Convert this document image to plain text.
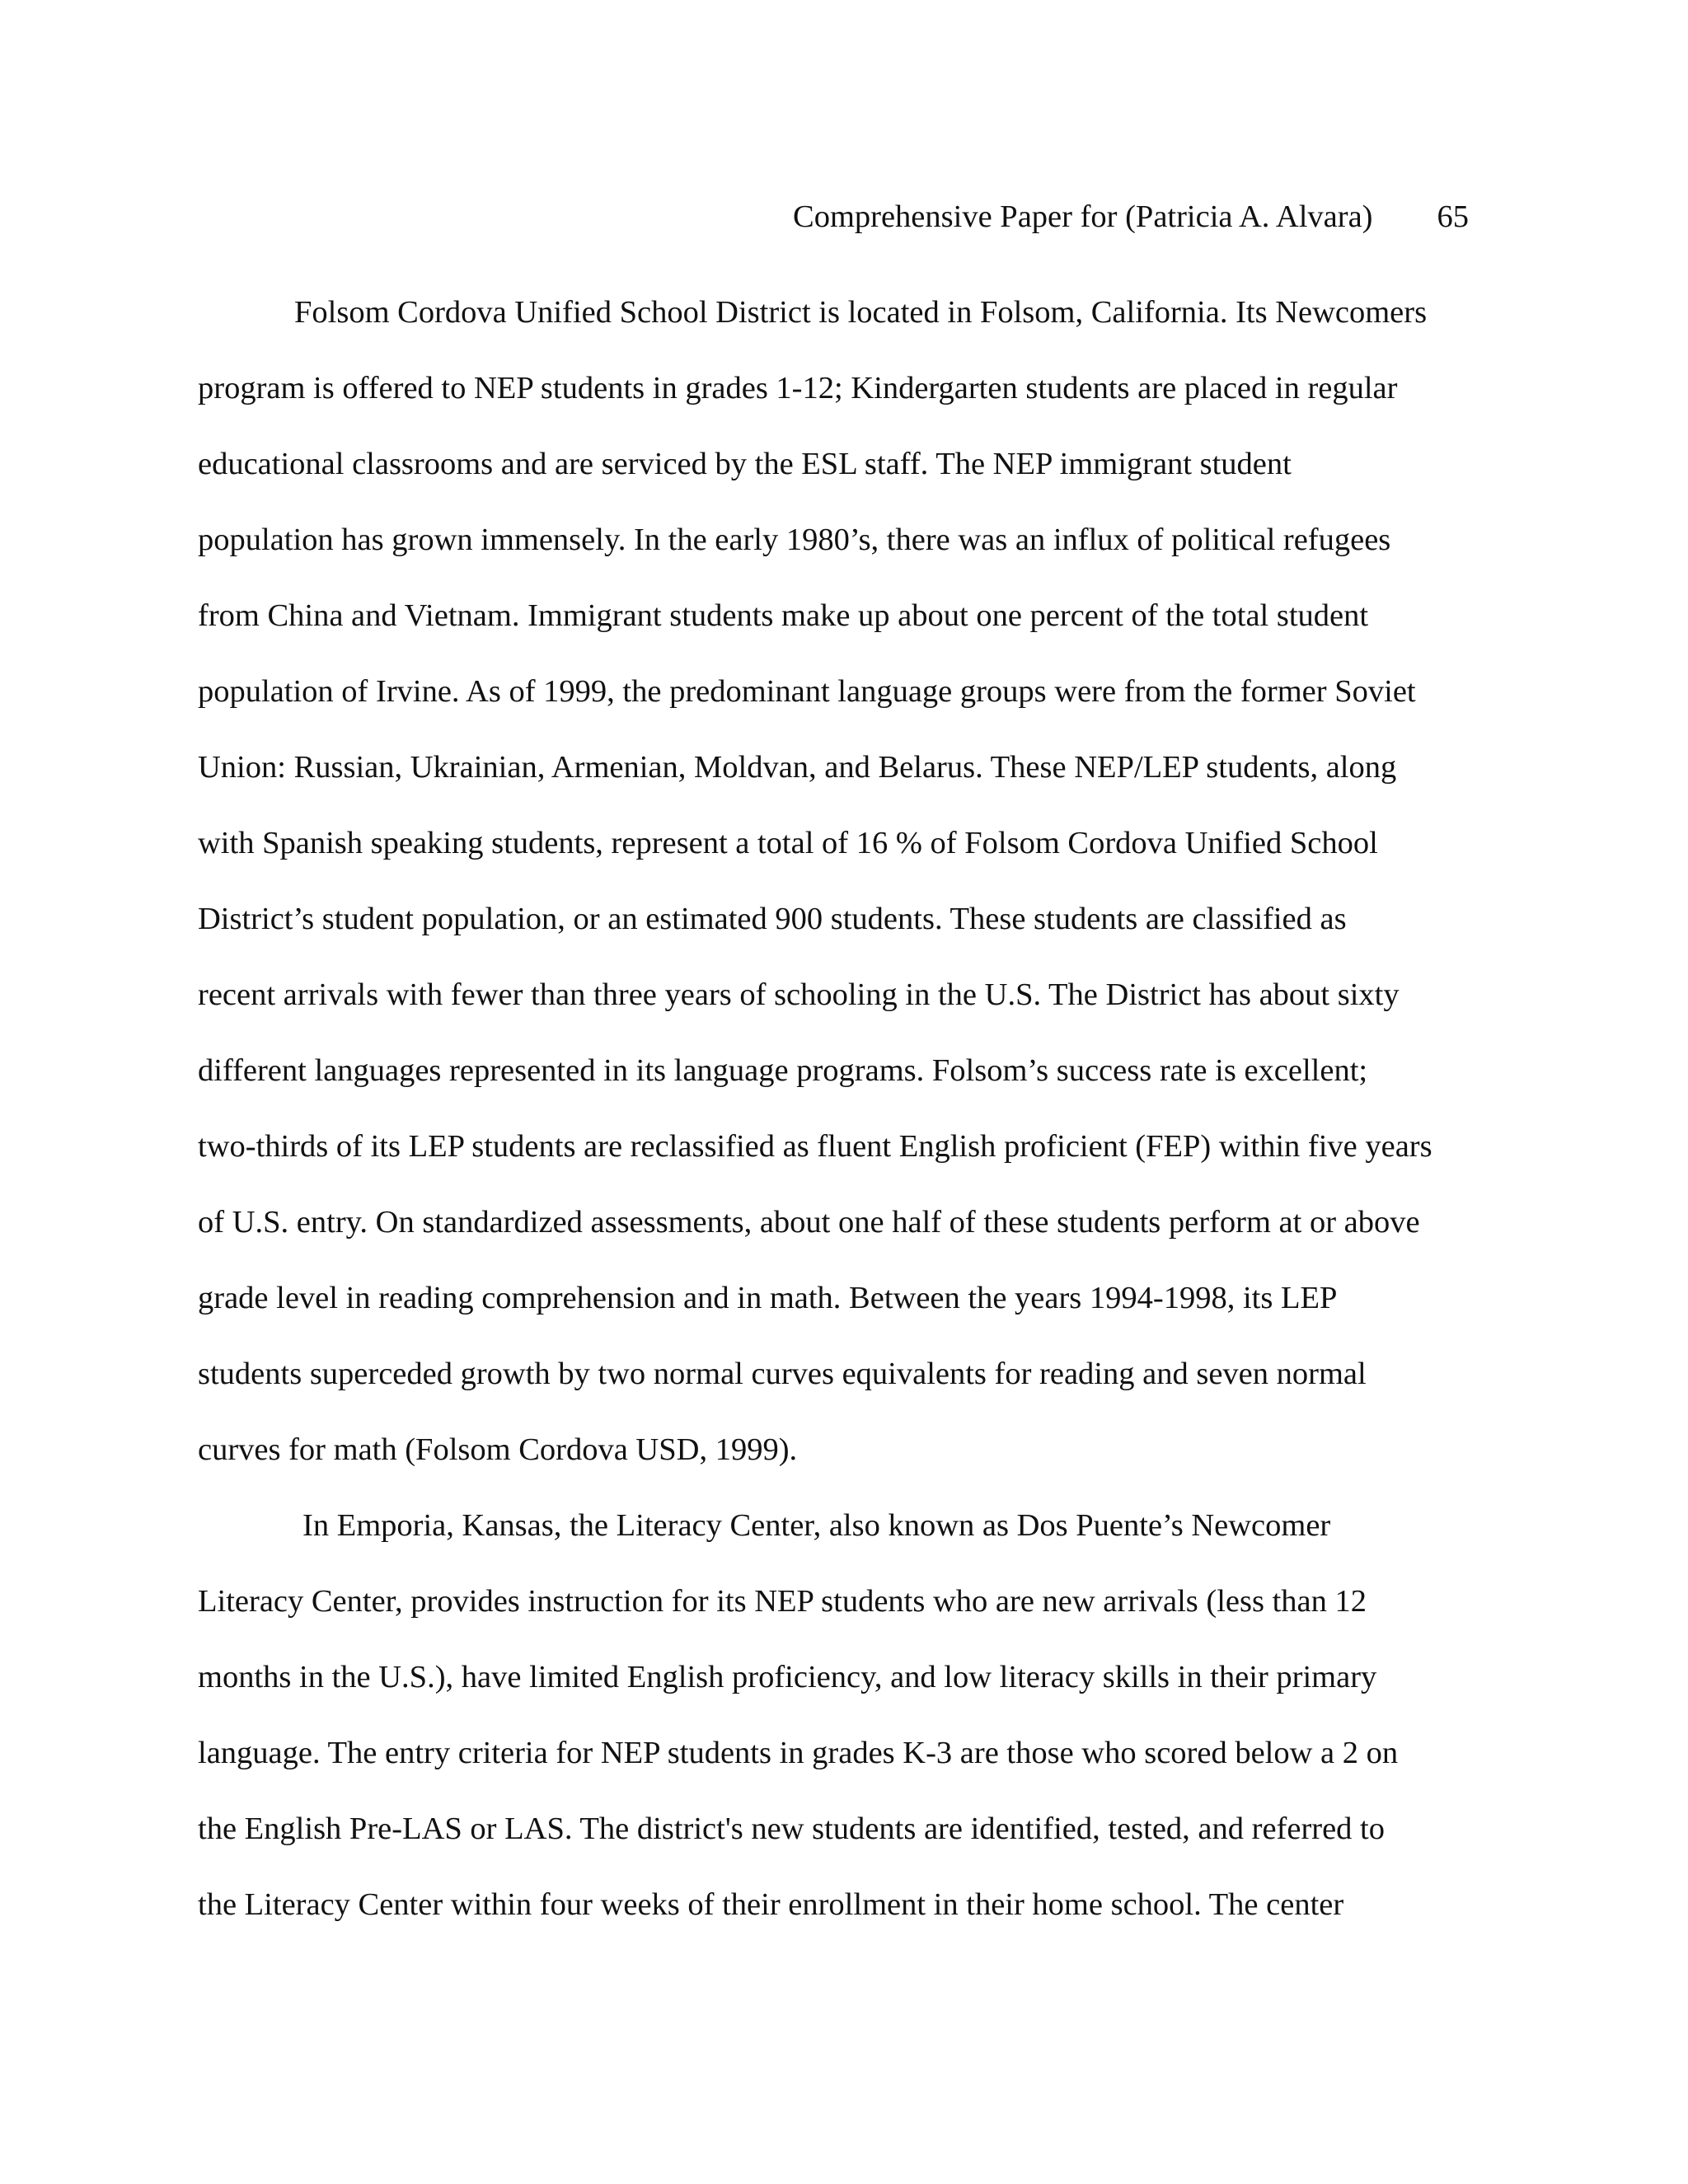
Comprehensive Paper for (Patricia A. Alvara) 65
Folsom Cordova Unified School District is located in Folsom, California. Its Newcomers
program is offered to NEP students in grades 1-12; Kindergarten students are placed in regular
educational classrooms and are serviced by the ESL staff. The NEP immigrant student
population has grown immensely. In the early 1980’s, there was an influx of political refugees
from China and Vietnam. Immigrant students make up about one percent of the total student
population of Irvine. As of 1999, the predominant language groups were from the former Soviet
Union: Russian, Ukrainian, Armenian, Moldvan, and Belarus. These NEP/LEP students, along
with Spanish speaking students, represent a total of 16 % of Folsom Cordova Unified School
District’s student population, or an estimated 900 students. These students are classified as
recent arrivals with fewer than three years of schooling in the U.S. The District has about sixty
different languages represented in its language programs. Folsom’s success rate is excellent;
two-thirds of its LEP students are reclassified as fluent English proficient (FEP) within five years
of U.S. entry. On standardized assessments, about one half of these students perform at or above
grade level in reading comprehension and in math. Between the years 1994-1998, its LEP
students superceded growth by two normal curves equivalents for reading and seven normal
curves for math (Folsom Cordova USD, 1999).
In Emporia, Kansas, the Literacy Center, also known as Dos Puente’s Newcomer
Literacy Center, provides instruction for its NEP students who are new arrivals (less than 12
months in the U.S.), have limited English proficiency, and low literacy skills in their primary
language. The entry criteria for NEP students in grades K-3 are those who scored below a 2 on
the English Pre-LAS or LAS. The district's new students are identified, tested, and referred to
the Literacy Center within four weeks of their enrollment in their home school. The center
